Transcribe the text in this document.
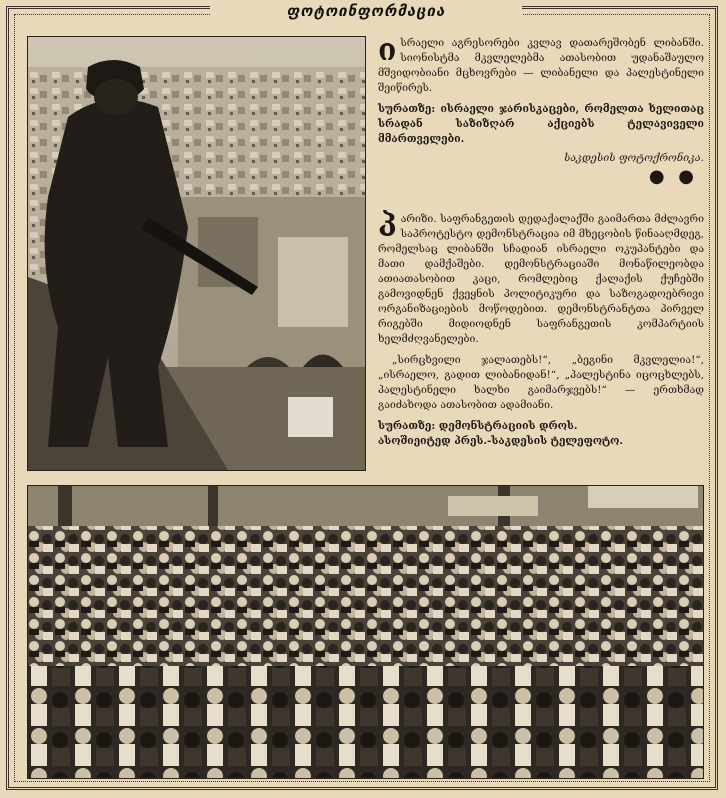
ფოტოინფორმაცია

ისრაელი აგრესორები კვლავ დათარეშობენ ლიბანში. სიონისტმა მკვლელებმა ათასობით უდანაშაულო მშვიდობიანი მცხოვრები — ლიბანელი და პალესტინელი შეიწირეს.

სურათზე: ისრაელი ჯარისკაცები, რომელთა ხელითაც სრადან საზიზღარ აქციებს ტელავიველი მმართველები.

საკდესის ფოტოქრონიკა.

● ●

პარიზი. საფრანგეთის დედაქალაქში გაიმართა მძლავრი საპროტესტო დემონსტრაცია იმ მხეცობის წინააღმდეგ, რომელსაც ლიბანში სჩადიან ისრაელი ოკუპანტები და მათი დამქაშები. დემონსტრაციაში მონაწილეობდა ათიათასობით კაცი, რომლებიც ქალაქის ქუჩებში გამოვიდნენ ქვეყნის პოლიტიკური და საზოგადოებრივი ორგანიზაციების მოწოდებით. დემონსტრანტთა პირველ რიგებში მიდიოდნენ საფრანგეთის კომპარტიის ხელმძღვანელები.

„სირცხვილი ჯალათებს!“, „ბეგინი მკვლელია!“, „ისრაელო, გადით ლიბანიდან!“, „პალესტინა იცოცხლებს, პალესტინელი ხალხი გაიმარჯვებს!“ — ერთხმად გაიძახოდა ათასობით ადამიანი.

სურათზე: დემონსტრაციის დროს.

ასოშიეიტედ პრეს.-საკდესის ტელეფოტო.
